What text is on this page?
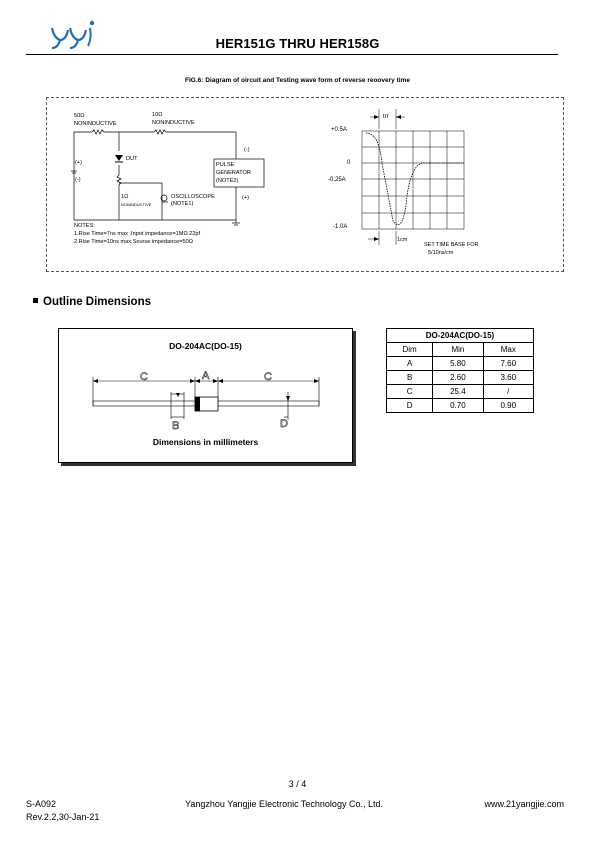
HER151G THRU HER158G
FIG.6: Diagram of oircuit and Testing wave form of reverse reoovery time
50Ω
NONINDUCTIVE
10Ω
NONINDUCTIVE
DUT
(+)
(-)
(-)
(+)
PULSE
GENERATOR
(NOTE2)
OSCILLOSCOPE
(NOTE1)
1Ω
NONINDUCTIVE
NOTES:
1.Rise Time=7ns max .Inpot impedance=1MΩ 22pf
2.Rise Time=10ns max.Sourse impedance=50Ω
trr
+0.5A
0
-0.25A
-1.0A
1cm
SET TIME BASE FOR
5/10ns/cm
Outline Dimensions
DO-204AC(DO-15)
C	A	C
B	D
Dimensions in millimeters
DO-204AC(DO-15)		
Dim	Min	Max
A	5.80	7.60
B	2.60	3.60
C	25.4	/
D	0.70	0.90
3 / 4
S-A092	Yangzhou Yangjie Electronic Technology Co., Ltd.	www.21yangjie.com
Rev.2.2,30-Jan-21
